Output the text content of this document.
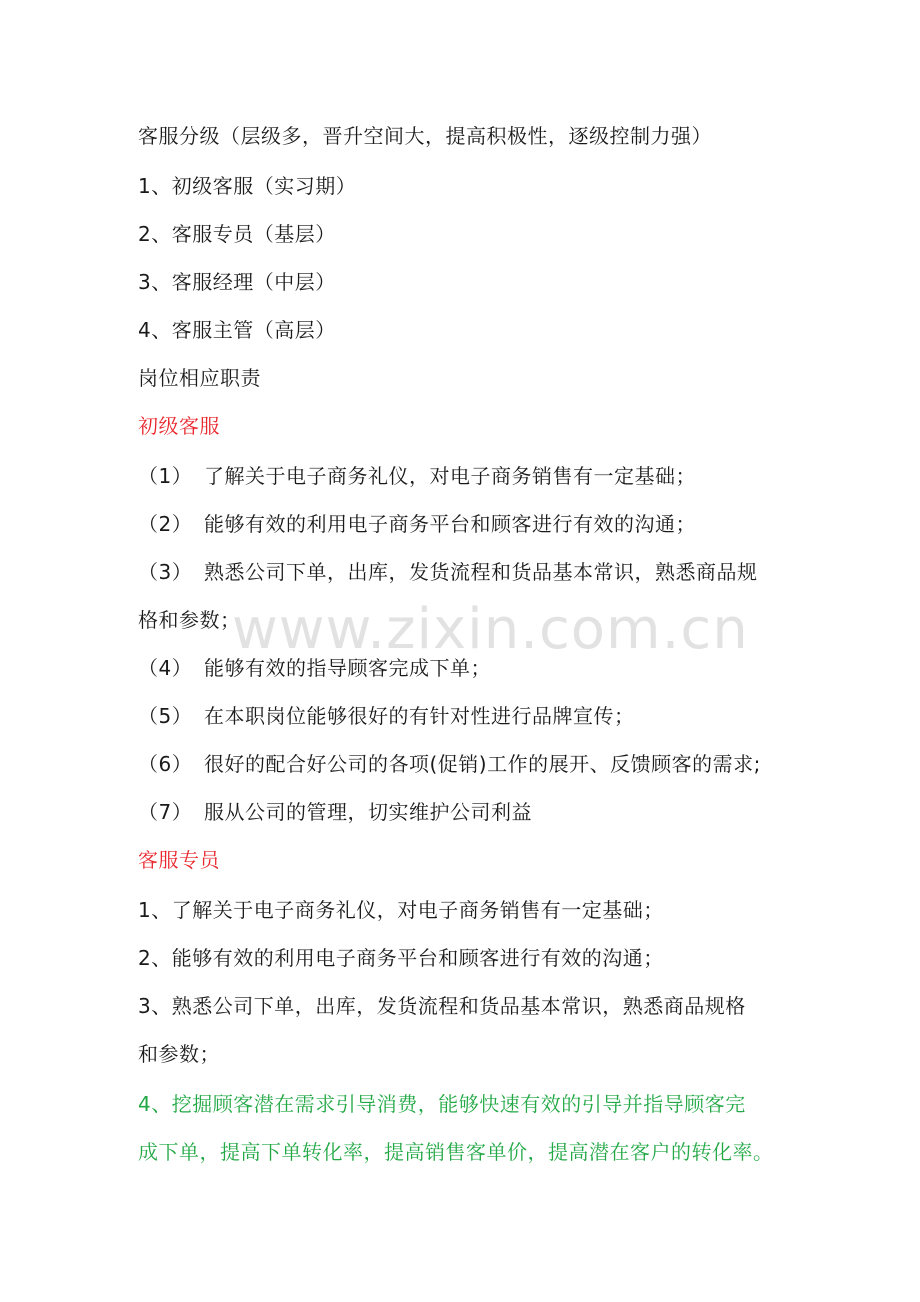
客服分级（层级多，晋升空间大，提高积极性，逐级控制力强）
1、初级客服（实习期）
2、客服专员（基层）
3、客服经理（中层）
4、客服主管（高层）
岗位相应职责
初级客服
（1） 了解关于电子商务礼仪，对电子商务销售有一定基础；
（2） 能够有效的利用电子商务平台和顾客进行有效的沟通；
（3） 熟悉公司下单，出库，发货流程和货品基本常识，熟悉商品规
格和参数；
（4） 能够有效的指导顾客完成下单；
（5） 在本职岗位能够很好的有针对性进行品牌宣传；
（6） 很好的配合好公司的各项(促销)工作的展开、反馈顾客的需求;
（7） 服从公司的管理，切实维护公司利益
客服专员
1、了解关于电子商务礼仪，对电子商务销售有一定基础；
2、能够有效的利用电子商务平台和顾客进行有效的沟通；
3、熟悉公司下单，出库，发货流程和货品基本常识，熟悉商品规格
和参数；
4、挖掘顾客潜在需求引导消费，能够快速有效的引导并指导顾客完
成下单，提高下单转化率，提高销售客单价，提高潜在客户的转化率。
www.zixin.com.cn
